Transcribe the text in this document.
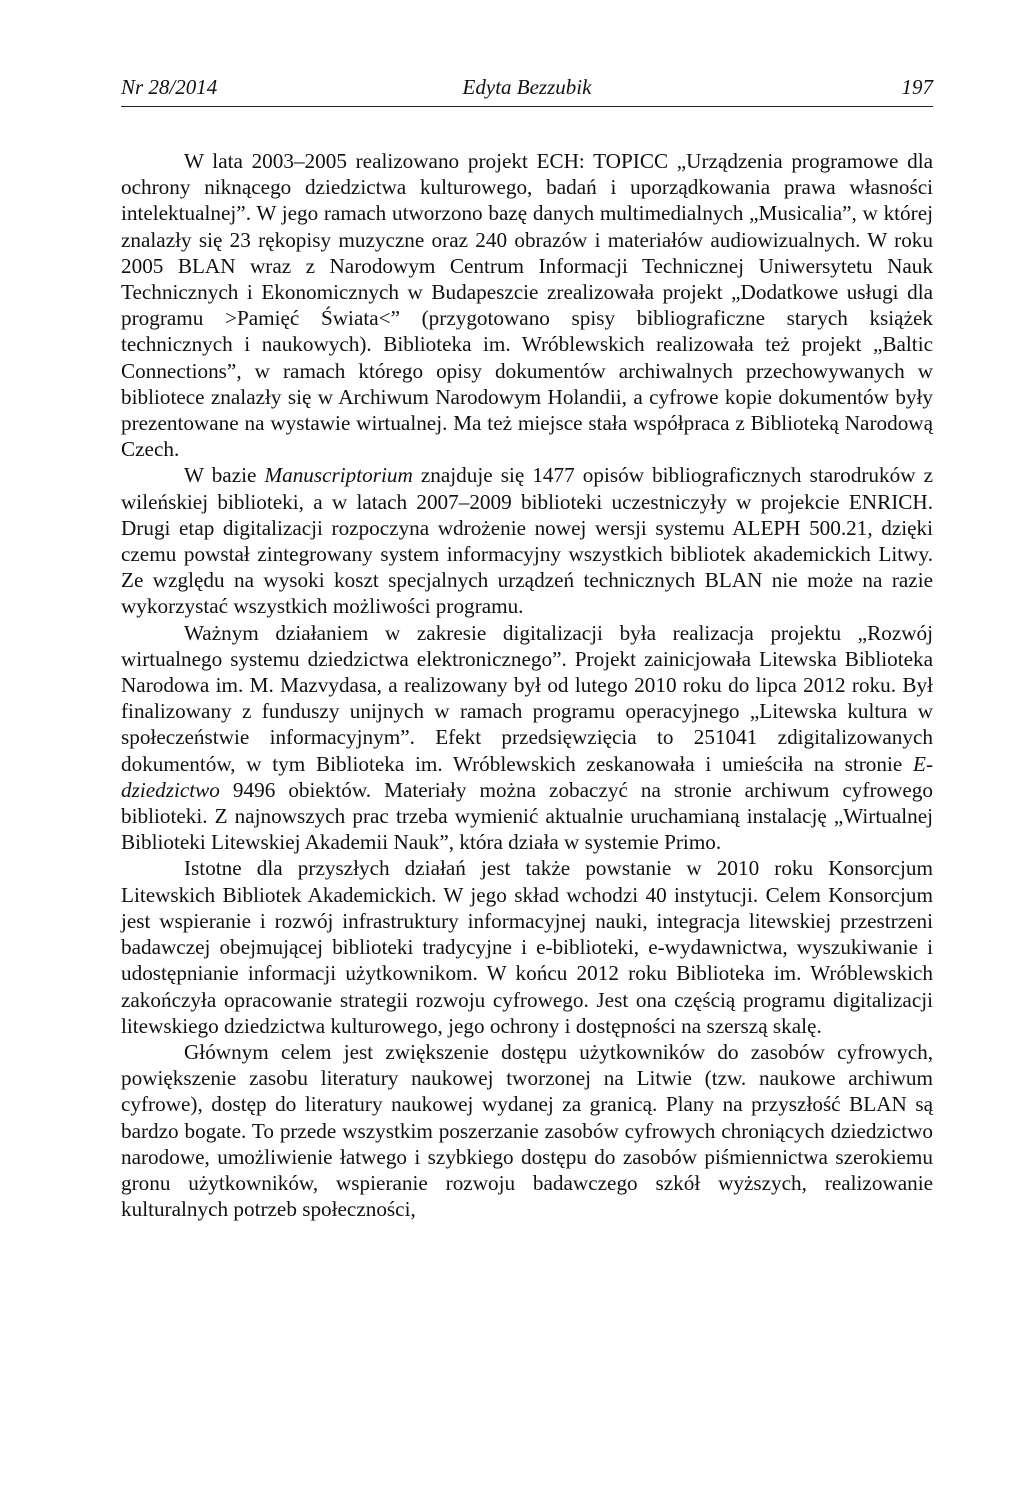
Nr 28/2014	Edyta Bezzubik	197

W lata 2003–2005 realizowano projekt ECH: TOPICC „Urządzenia programowe dla ochrony niknącego dziedzictwa kulturowego, badań i uporządkowania prawa własności intelektualnej”. W jego ramach utworzono bazę danych multimedialnych „Musicalia”, w której znalazły się 23 rękopisy muzyczne oraz 240 obrazów i materiałów audiowizualnych. W roku 2005 BLAN wraz z Narodowym Centrum Informacji Technicznej Uniwersytetu Nauk Technicznych i Ekonomicznych w Budapeszcie zrealizowała projekt „Dodatkowe usługi dla programu >Pamięć Świata<” (przygotowano spisy bibliograficzne starych książek technicznych i naukowych). Biblioteka im. Wróblewskich realizowała też projekt „Baltic Connections”, w ramach którego opisy dokumentów archiwalnych przechowywanych w bibliotece znalazły się w Archiwum Narodowym Holandii, a cyfrowe kopie dokumentów były prezentowane na wystawie wirtualnej. Ma też miejsce stała współpraca z Biblioteką Narodową Czech.

W bazie Manuscriptorium znajduje się 1477 opisów bibliograficznych starodruków z wileńskiej biblioteki, a w latach 2007–2009 biblioteki uczestniczyły w projekcie ENRICH. Drugi etap digitalizacji rozpoczyna wdrożenie nowej wersji systemu ALEPH 500.21, dzięki czemu powstał zintegrowany system informacyjny wszystkich bibliotek akademickich Litwy. Ze względu na wysoki koszt specjalnych urządzeń technicznych BLAN nie może na razie wykorzystać wszystkich możliwości programu.

Ważnym działaniem w zakresie digitalizacji była realizacja projektu „Rozwój wirtualnego systemu dziedzictwa elektronicznego”. Projekt zainicjowała Litewska Biblioteka Narodowa im. M. Mazvydasa, a realizowany był od lutego 2010 roku do lipca 2012 roku. Był finalizowany z funduszy unijnych w ramach programu operacyjnego „Litewska kultura w społeczeństwie informacyjnym”. Efekt przedsięwzięcia to 251041 zdigitalizowanych dokumentów, w tym Biblioteka im. Wróblewskich zeskanowała i umieściła na stronie E-dziedzictwo 9496 obiektów. Materiały można zobaczyć na stronie archiwum cyfrowego biblioteki. Z najnowszych prac trzeba wymienić aktualnie uruchamianą instalację „Wirtualnej Biblioteki Litewskiej Akademii Nauk”, która działa w systemie Primo.

Istotne dla przyszłych działań jest także powstanie w 2010 roku Konsorcjum Litewskich Bibliotek Akademickich. W jego skład wchodzi 40 instytucji. Celem Konsorcjum jest wspieranie i rozwój infrastruktury informacyjnej nauki, integracja litewskiej przestrzeni badawczej obejmującej biblioteki tradycyjne i e-biblioteki, e-wydawnictwa, wyszukiwanie i udostępnianie informacji użytkownikom. W końcu 2012 roku Biblioteka im. Wróblewskich zakończyła opracowanie strategii rozwoju cyfrowego. Jest ona częścią programu digitalizacji litewskiego dziedzictwa kulturowego, jego ochrony i dostępności na szerszą skalę.

Głównym celem jest zwiększenie dostępu użytkowników do zasobów cyfrowych, powiększenie zasobu literatury naukowej tworzonej na Litwie (tzw. naukowe archiwum cyfrowe), dostęp do literatury naukowej wydanej za granicą. Plany na przyszłość BLAN są bardzo bogate. To przede wszystkim poszerzanie zasobów cyfrowych chroniących dziedzictwo narodowe, umożliwienie łatwego i szybkiego dostępu do zasobów piśmiennictwa szerokiemu gronu użytkowników, wspieranie rozwoju badawczego szkół wyższych, realizowanie kulturalnych potrzeb społeczności,
